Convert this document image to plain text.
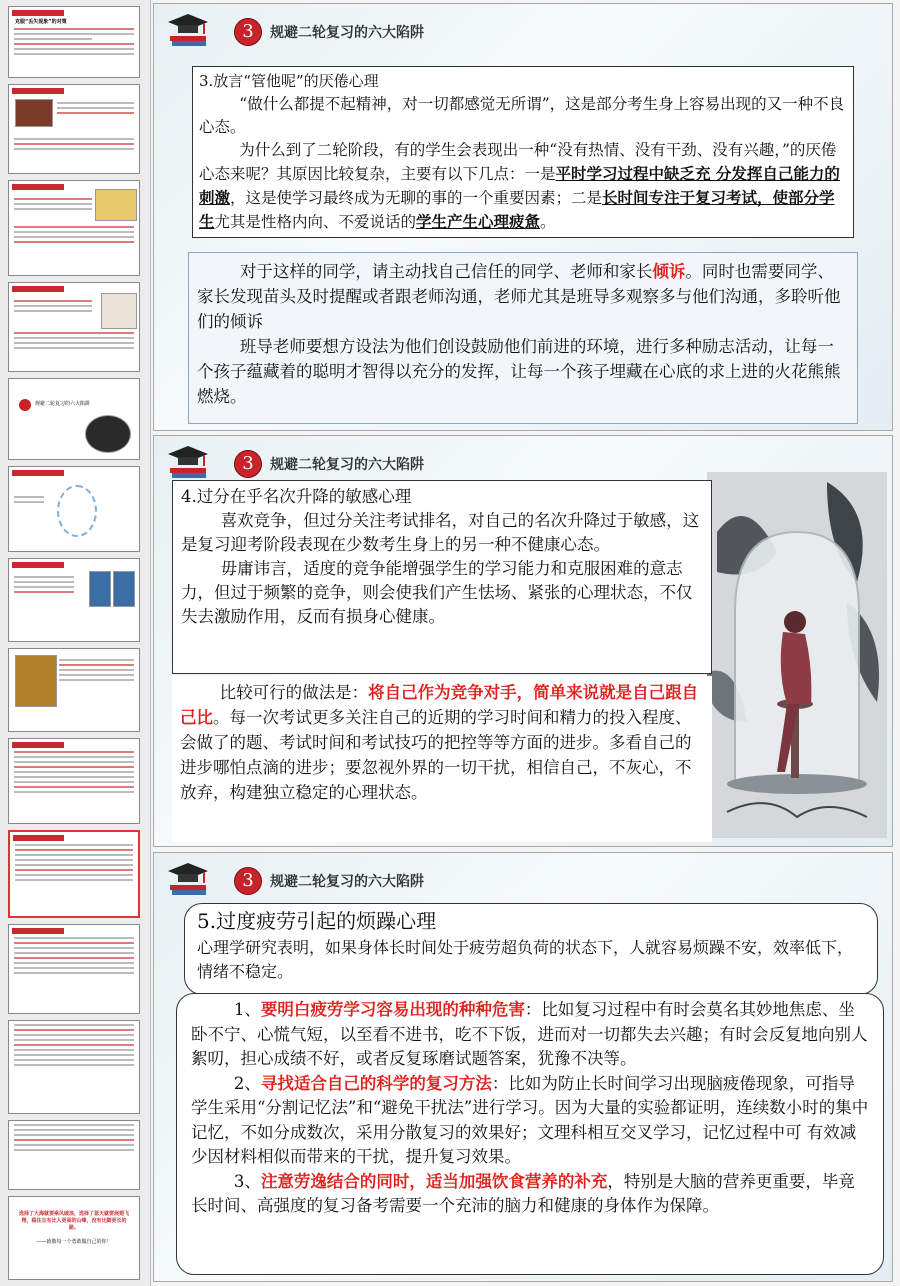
克服“丢失现象”的对策
规避二轮复习的六大陷阱
选择了大海就要乘风破浪，选择了蓝天就要展翅飞翔，稳住且有比人更高的山峰，没有比脚更长的路。
——致敬每一个勇敢做自己的你！
3	规避二轮复习的六大陷阱

3.放言“管他呢”的厌倦心理

“做什么都提不起精神，对一切都感觉无所谓”，这是部分考生身上容易出现的又一种不良心态。

为什么到了二轮阶段，有的学生会表现出一种“没有热情、没有干劲、没有兴趣，”的厌倦心态来呢？其原因比较复杂，主要有以下几点：一是平时学习过程中缺乏充 分发挥自己能力的刺激，这是使学习最终成为无聊的事的一个重要因素；二是长时间专注于复习考试，使部分学生尤其是性格内向、不爱说话的学生产生心理疲惫。

对于这样的同学，请主动找自己信任的同学、老师和家长倾诉。同时也需要同学、家长发现苗头及时提醒或者跟老师沟通，老师尤其是班导多观察多与他们沟通，多聆听他们的倾诉

班导老师要想方设法为他们创设鼓励他们前进的环境，进行多种励志活动，让每一个孩子蕴藏着的聪明才智得以充分的发挥，让每一个孩子埋藏在心底的求上进的火花熊熊燃烧。

3	规避二轮复习的六大陷阱

4.过分在乎名次升降的敏感心理

喜欢竞争，但过分关注考试排名，对自己的名次升降过于敏感，这是复习迎考阶段表现在少数考生身上的另一种不健康心态。

毋庸讳言，适度的竞争能增强学生的学习能力和克服困难的意志力，但过于频繁的竞争，则会使我们产生怯场、紧张的心理状态，不仅失去激励作用，反而有损身心健康。

比较可行的做法是：将自己作为竞争对手，简单来说就是自己跟自己比。每一次考试更多关注自己的近期的学习时间和精力的投入程度、会做了的题、考试时间和考试技巧的把控等等方面的进步。多看自己的进步哪怕点滴的进步；要忽视外界的一切干扰，相信自己，不灰心，不放弃，构建独立稳定的心理状态。

3	规避二轮复习的六大陷阱

5.过度疲劳引起的烦躁心理

心理学研究表明，如果身体长时间处于疲劳超负荷的状态下，人就容易烦躁不安，效率低下，情绪不稳定。

1、要明白疲劳学习容易出现的种种危害：比如复习过程中有时会莫名其妙地焦虑、坐卧不宁、心慌气短，以至看不进书，吃不下饭，进而对一切都失去兴趣；有时会反复地向别人絮叨，担心成绩不好，或者反复琢磨试题答案，犹豫不决等。

2、寻找适合自己的科学的复习方法：比如为防止长时间学习出现脑疲倦现象，可指导学生采用“分割记忆法”和“避免干扰法”进行学习。因为大量的实验都证明，连续数小时的集中记忆，不如分成数次，采用分散复习的效果好；文理科相互交叉学习，记忆过程中可 有效减少因材料相似而带来的干扰，提升复习效果。

3、注意劳逸结合的同时，适当加强饮食营养的补充，特别是大脑的营养更重要，毕竟长时间、高强度的复习备考需要一个充沛的脑力和健康的身体作为保障。
